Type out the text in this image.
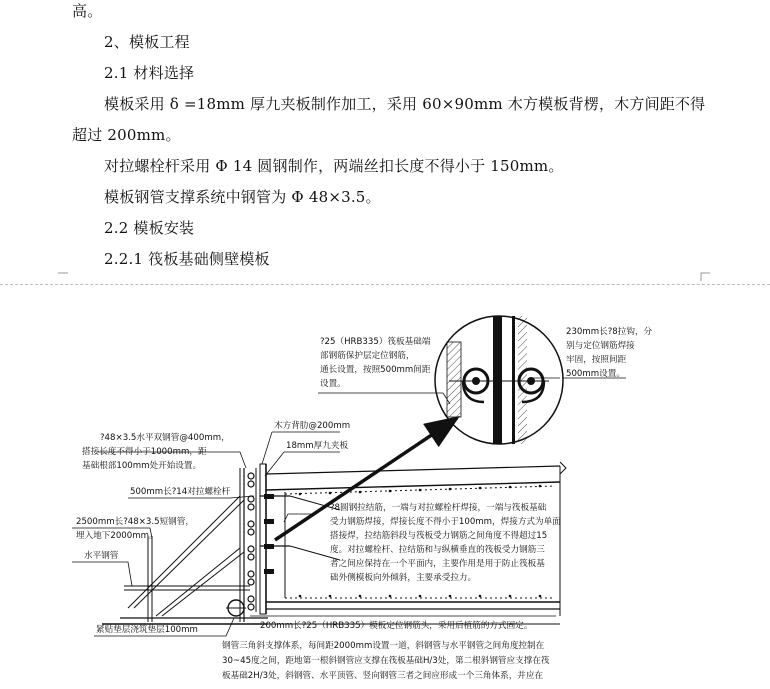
高。
2、模板工程
2.1 材料选择
模板采用 δ =18mm 厚九夹板制作加工，采用 60×90mm 木方模板背楞，木方间距不得
超过 200mm。
对拉螺栓杆采用 Φ 14 圆钢制作，两端丝扣长度不得小于 150mm。
模板钢管支撑系统中钢管为 Φ 48×3.5。
2.2 模板安装
2.2.1 筏板基础侧壁模板
?25（HRB335）筏板基础端
部钢筋保护层定位钢筋，
通长设置，按照500mm间距
设置。
230mm长?8拉钩，分
别与定位钢筋焊接
牢固，按照间距
500mm设置。
?48×3.5水平双钢管@400mm，
搭接长度不得小于1000mm，距
基础根部100mm处开始设置。
木方背肋@200mm
18mm厚九夹板
500mm长?14对拉螺栓杆
?8圆钢拉结筋，一端与对拉螺栓杆焊接，一端与筏板基础
受力钢筋焊接，焊接长度不得小于100mm，焊接方式为单面
搭接焊，拉结筋斜段与筏板受力钢筋之间角度不得超过15
度。对拉螺栓杆、拉结筋和与纵横垂直的筏板受力钢筋三
者之间应保持在一个平面内，主要作用是用于防止筏板基
础外侧模板向外倾斜，主要承受拉力。
2500mm长?48×3.5短钢管，
埋入地下2000mm。
水平钢管
200mm长?25（HRB335）模板定位钢筋头，采用后植筋的方式固定。
紧贴垫层浇筑垫层100mm
钢管三角斜支撑体系，每间距2000mm设置一道，斜钢管与水平钢管之间角度控制在
30~45度之间，距地第一根斜钢管应支撑在筏板基础H/3处，第二根斜钢管应支撑在筏
板基础2H/3处，斜钢管、水平顶管、竖向钢管三者之间应形成一个三角体系，并应在
